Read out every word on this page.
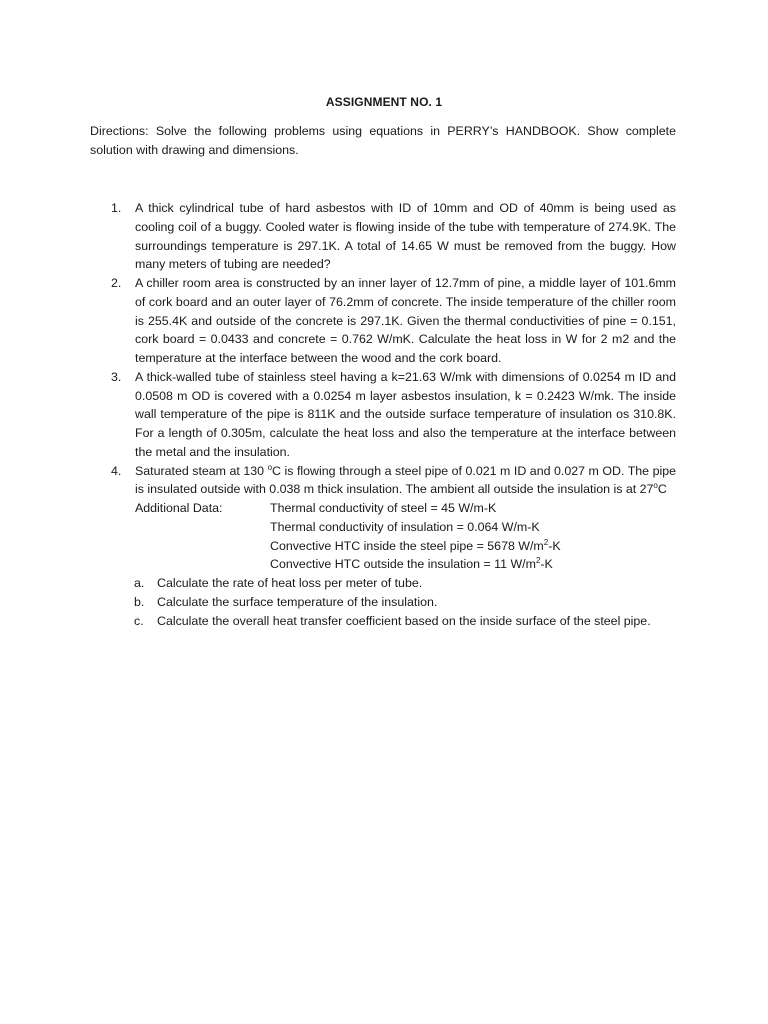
ASSIGNMENT NO. 1
Directions: Solve the following problems using equations in PERRY’s HANDBOOK. Show complete solution with drawing and dimensions.
1. A thick cylindrical tube of hard asbestos with ID of 10mm and OD of 40mm is being used as cooling coil of a buggy. Cooled water is flowing inside of the tube with temperature of 274.9K. The surroundings temperature is 297.1K. A total of 14.65 W must be removed from the buggy. How many meters of tubing are needed?
2. A chiller room area is constructed by an inner layer of 12.7mm of pine, a middle layer of 101.6mm of cork board and an outer layer of 76.2mm of concrete. The inside temperature of the chiller room is 255.4K and outside of the concrete is 297.1K. Given the thermal conductivities of pine = 0.151, cork board = 0.0433 and concrete = 0.762 W/mK. Calculate the heat loss in W for 2 m2 and the temperature at the interface between the wood and the cork board.
3. A thick-walled tube of stainless steel having a k=21.63 W/mk with dimensions of 0.0254 m ID and 0.0508 m OD is covered with a 0.0254 m layer asbestos insulation, k = 0.2423 W/mk. The inside wall temperature of the pipe is 811K and the outside surface temperature of insulation os 310.8K. For a length of 0.305m, calculate the heat loss and also the temperature at the interface between the metal and the insulation.
4. Saturated steam at 130 $^o$C is flowing through a steel pipe of 0.021 m ID and 0.027 m OD. The pipe is insulated outside with 0.038 m thick insulation. The ambient all outside the insulation is at 27$^o$C
Additional Data:	Thermal conductivity of steel = 45 W/m-K
Thermal conductivity of insulation = 0.064 W/m-K
Convective HTC inside the steel pipe = 5678 $W/m^2-K$
Convective HTC outside the insulation = 11 $W/m^2-K$
a. Calculate the rate of heat loss per meter of tube.
b. Calculate the surface temperature of the insulation.
c. Calculate the overall heat transfer coefficient based on the inside surface of the steel pipe.
